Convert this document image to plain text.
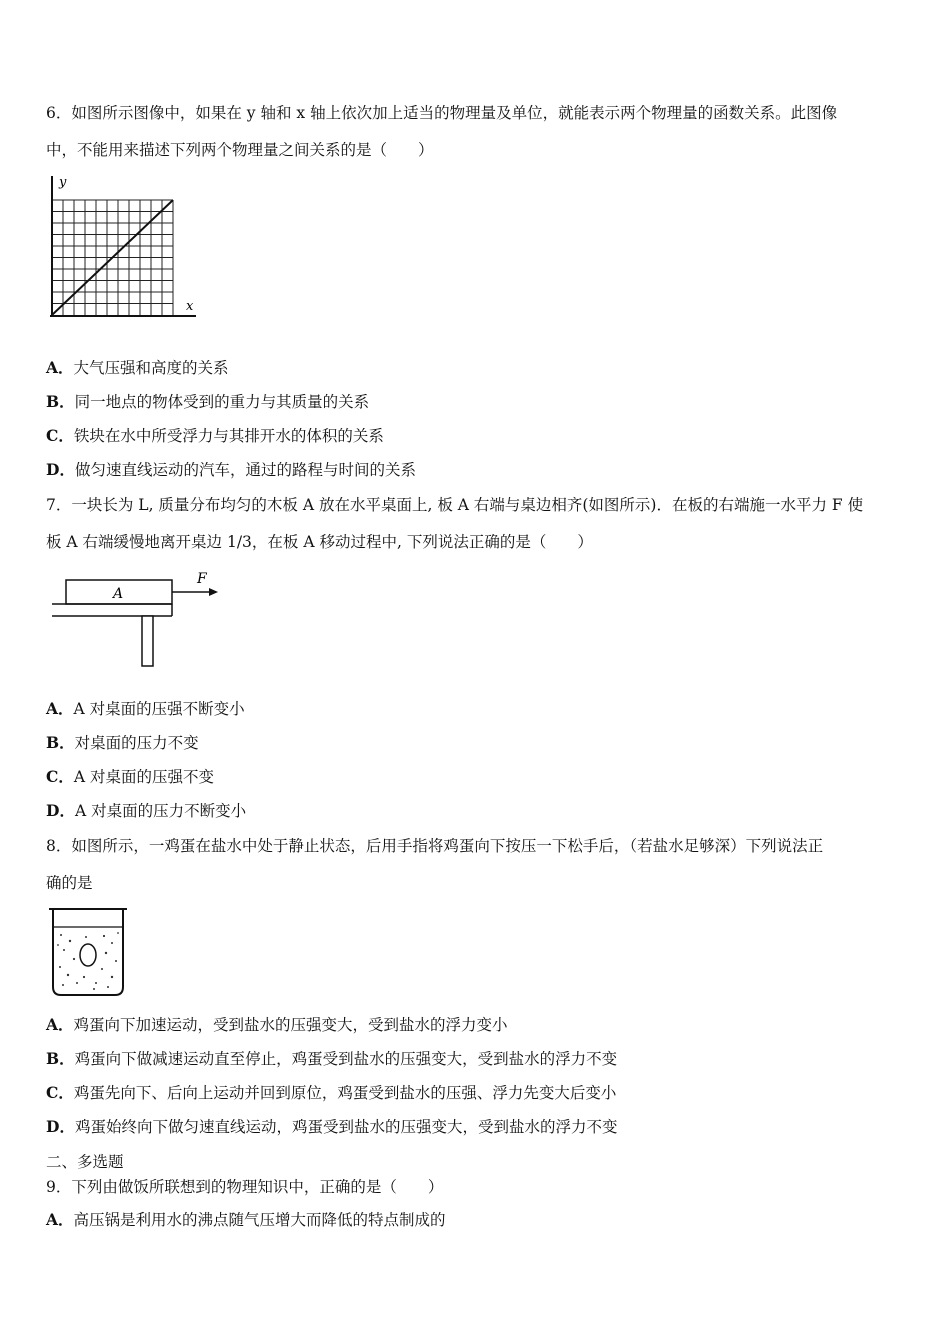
6．如图所示图像中，如果在 y 轴和 x 轴上依次加上适当的物理量及单位，就能表示两个物理量的函数关系。此图像
中，不能用来描述下列两个物理量之间关系的是（　　）
y
x
A．大气压强和高度的关系
B．同一地点的物体受到的重力与其质量的关系
C．铁块在水中所受浮力与其排开水的体积的关系
D．做匀速直线运动的汽车，通过的路程与时间的关系
7．一块长为 L, 质量分布均匀的木板 A 放在水平桌面上, 板 A 右端与桌边相齐(如图所示)．在板的右端施一水平力 F 使
板 A 右端缓慢地离开桌边 1/3，在板 A 移动过程中, 下列说法正确的是（　　）
A
F
A．A 对桌面的压强不断变小
B．对桌面的压力不变
C．A 对桌面的压强不变
D．A 对桌面的压力不断变小
8．如图所示，一鸡蛋在盐水中处于静止状态，后用手指将鸡蛋向下按压一下松手后，（若盐水足够深）下列说法正
确的是
A．鸡蛋向下加速运动，受到盐水的压强变大，受到盐水的浮力变小
B．鸡蛋向下做减速运动直至停止，鸡蛋受到盐水的压强变大，受到盐水的浮力不变
C．鸡蛋先向下、后向上运动并回到原位，鸡蛋受到盐水的压强、浮力先变大后变小
D．鸡蛋始终向下做匀速直线运动，鸡蛋受到盐水的压强变大，受到盐水的浮力不变
二、多选题
9．下列由做饭所联想到的物理知识中，正确的是（　　）
A．高压锅是利用水的沸点随气压增大而降低的特点制成的
